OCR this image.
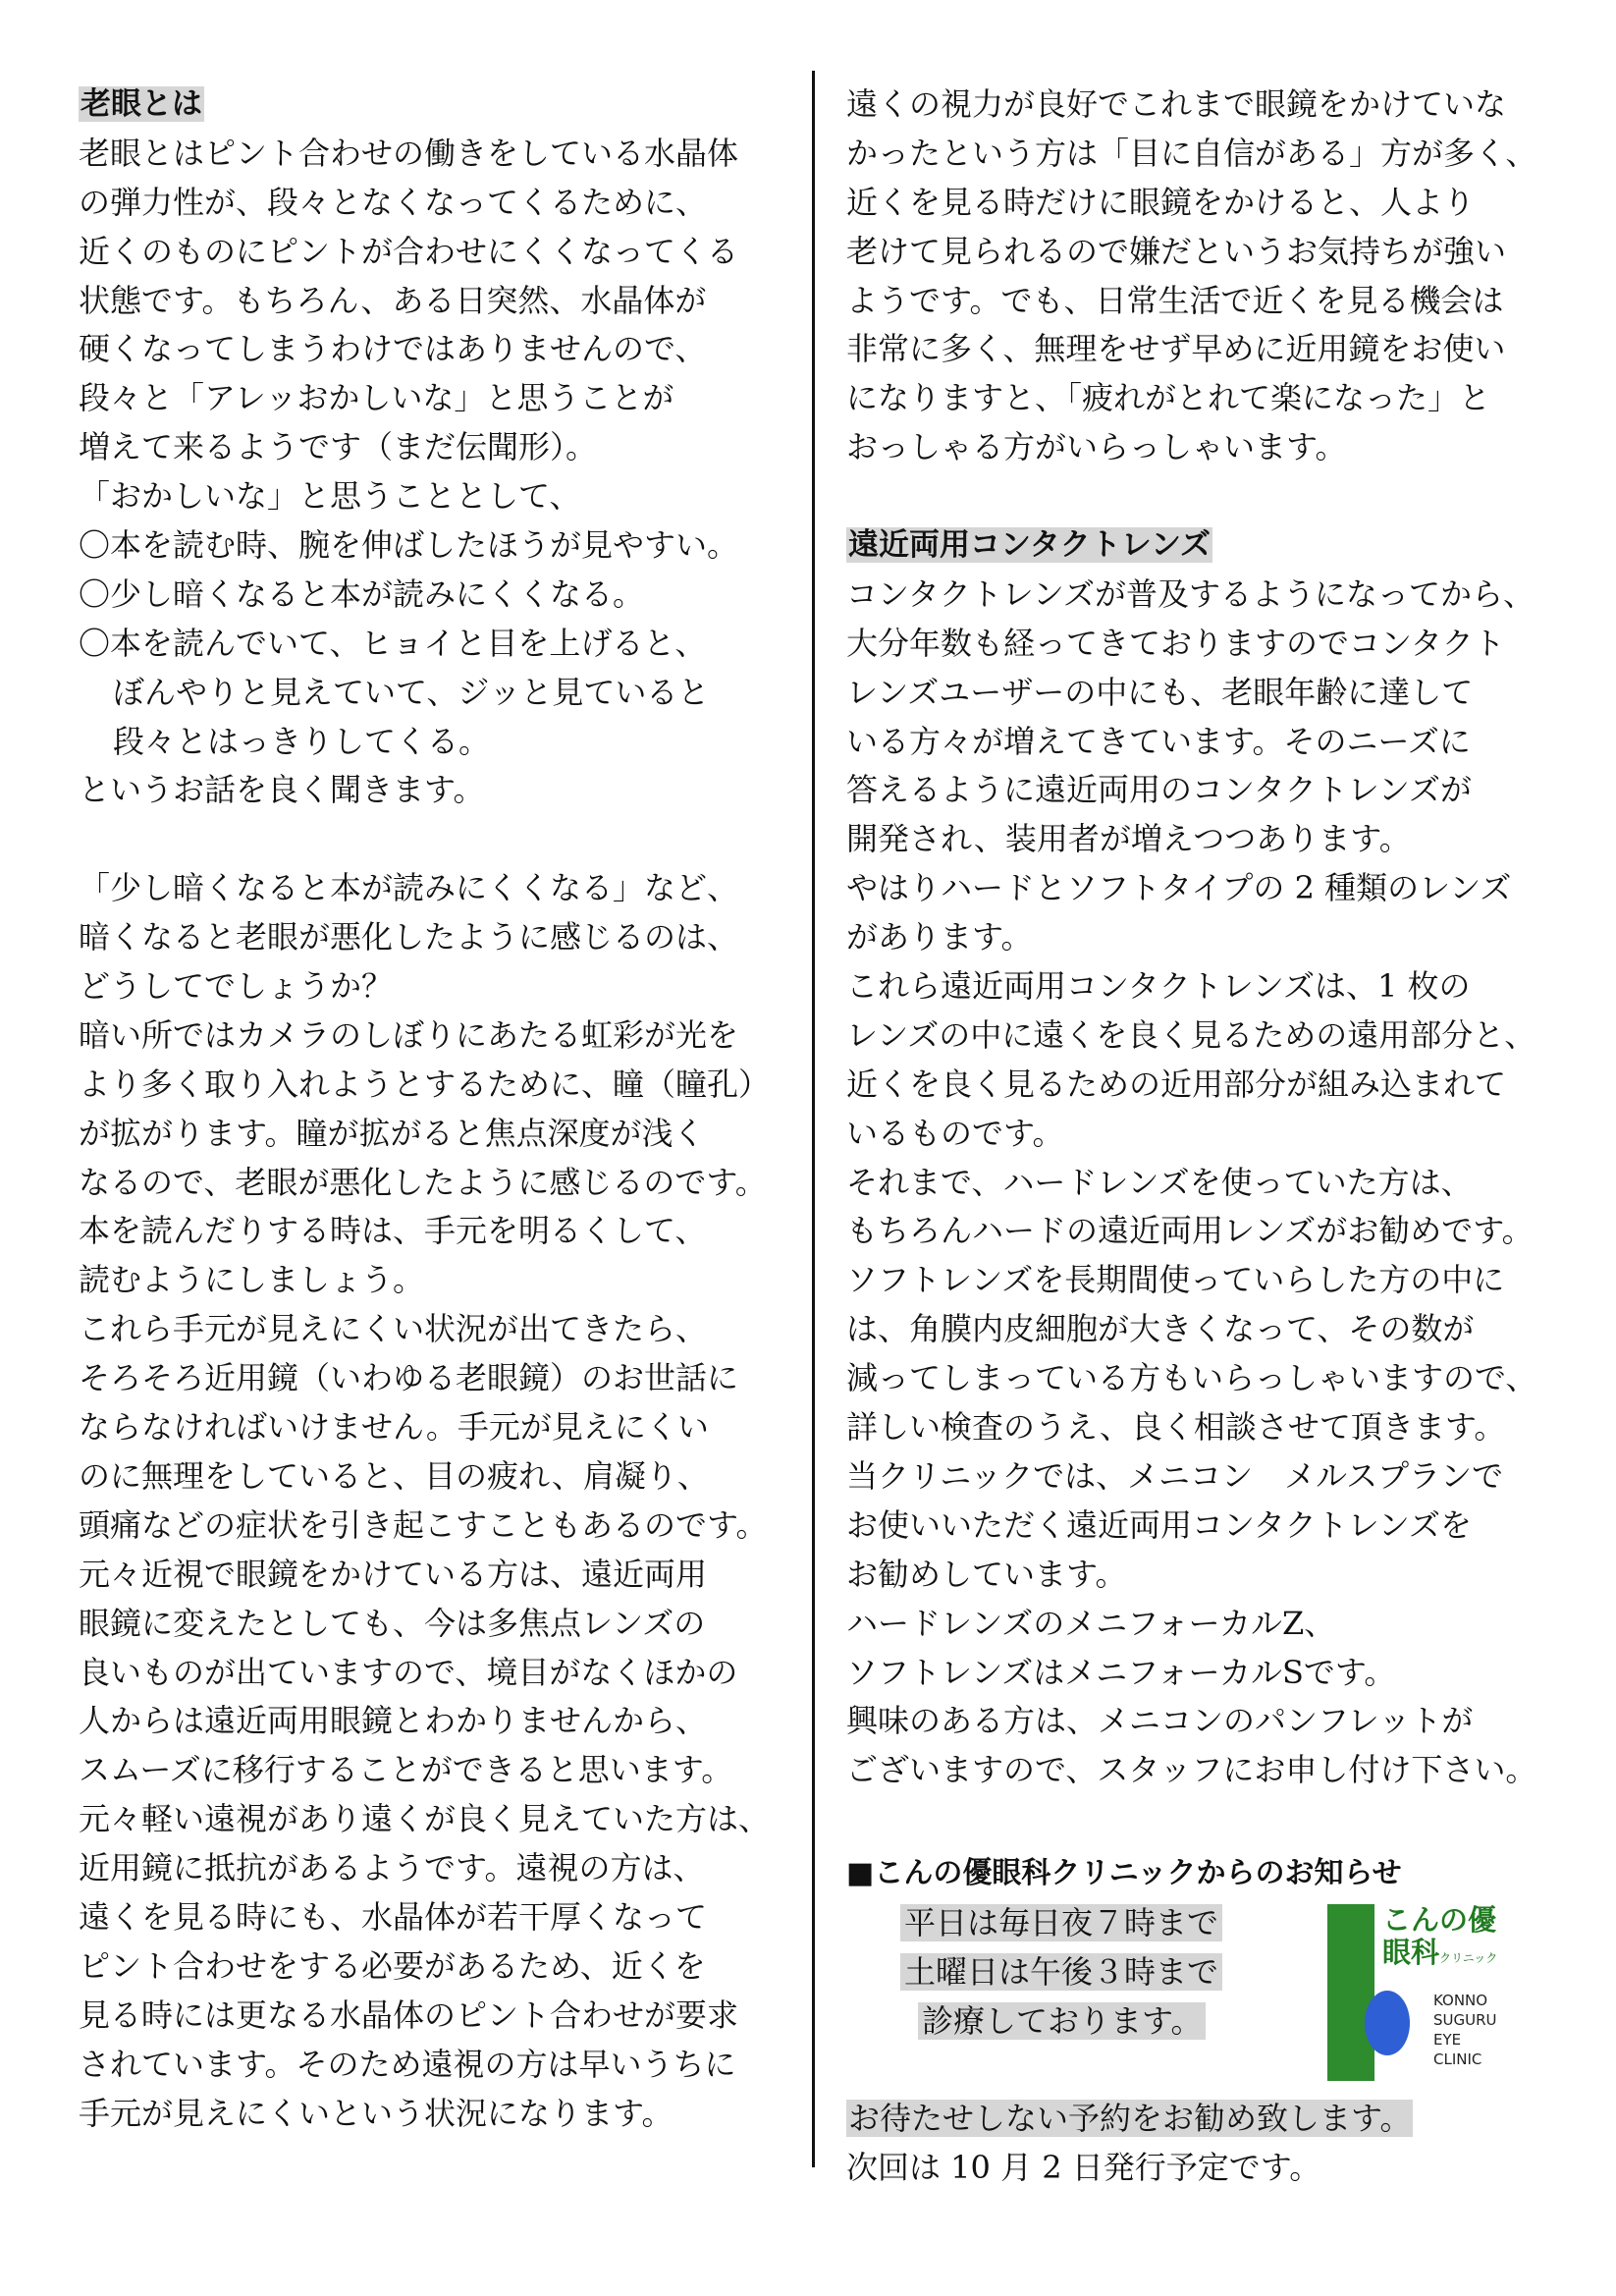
老眼とは
老眼とはピント合わせの働きをしている水晶体
の弾力性が、段々となくなってくるために、
近くのものにピントが合わせにくくなってくる
状態です。もちろん、ある日突然、水晶体が
硬くなってしまうわけではありませんので、
段々と「アレッおかしいな」と思うことが
増えて来るようです（まだ伝聞形）。
「おかしいな」と思うこととして、
〇本を読む時、腕を伸ばしたほうが見やすい。
〇少し暗くなると本が読みにくくなる。
〇本を読んでいて、ヒョイと目を上げると、
ぼんやりと見えていて、ジッと見ていると
段々とはっきりしてくる。
というお話を良く聞きます。
「少し暗くなると本が読みにくくなる」など、
暗くなると老眼が悪化したように感じるのは、
どうしてでしょうか？
暗い所ではカメラのしぼりにあたる虹彩が光を
より多く取り入れようとするために、瞳（瞳孔）
が拡がります。瞳が拡がると焦点深度が浅く
なるので、老眼が悪化したように感じるのです。
本を読んだりする時は、手元を明るくして、
読むようにしましょう。
これら手元が見えにくい状況が出てきたら、
そろそろ近用鏡（いわゆる老眼鏡）のお世話に
ならなければいけません。手元が見えにくい
のに無理をしていると、目の疲れ、肩凝り、
頭痛などの症状を引き起こすこともあるのです。
元々近視で眼鏡をかけている方は、遠近両用
眼鏡に変えたとしても、今は多焦点レンズの
良いものが出ていますので、境目がなくほかの
人からは遠近両用眼鏡とわかりませんから、
スムーズに移行することができると思います。
元々軽い遠視があり遠くが良く見えていた方は、
近用鏡に抵抗があるようです。遠視の方は、
遠くを見る時にも、水晶体が若干厚くなって
ピント合わせをする必要があるため、近くを
見る時には更なる水晶体のピント合わせが要求
されています。そのため遠視の方は早いうちに
手元が見えにくいという状況になります。
遠くの視力が良好でこれまで眼鏡をかけていな
かったという方は「目に自信がある」方が多く、
近くを見る時だけに眼鏡をかけると、人より
老けて見られるので嫌だというお気持ちが強い
ようです。でも、日常生活で近くを見る機会は
非常に多く、無理をせず早めに近用鏡をお使い
になりますと、「疲れがとれて楽になった」と
おっしゃる方がいらっしゃいます。
遠近両用コンタクトレンズ
コンタクトレンズが普及するようになってから、
大分年数も経ってきておりますのでコンタクト
レンズユーザーの中にも、老眼年齢に達して
いる方々が増えてきています。そのニーズに
答えるように遠近両用のコンタクトレンズが
開発され、装用者が増えつつあります。
やはりハードとソフトタイプの 2 種類のレンズ
があります。
これら遠近両用コンタクトレンズは、1 枚の
レンズの中に遠くを良く見るための遠用部分と、
近くを良く見るための近用部分が組み込まれて
いるものです。
それまで、ハードレンズを使っていた方は、
もちろんハードの遠近両用レンズがお勧めです。
ソフトレンズを長期間使っていらした方の中に
は、角膜内皮細胞が大きくなって、その数が
減ってしまっている方もいらっしゃいますので、
詳しい検査のうえ、良く相談させて頂きます。
当クリニックでは、メニコン　メルスプランで
お使いいただく遠近両用コンタクトレンズを
お勧めしています。
ハードレンズのメニフォーカルZ、
ソフトレンズはメニフォーカルSです。
興味のある方は、メニコンのパンフレットが
ございますので、スタッフにお申し付け下さい。
■こんの優眼科クリニックからのお知らせ
平日は毎日夜７時まで
土曜日は午後３時まで
診療しております。
こんの優
眼科クリニック
KONNO
SUGURU
EYE
CLINIC
お待たせしない予約をお勧め致します。
次回は 10 月 2 日発行予定です。
